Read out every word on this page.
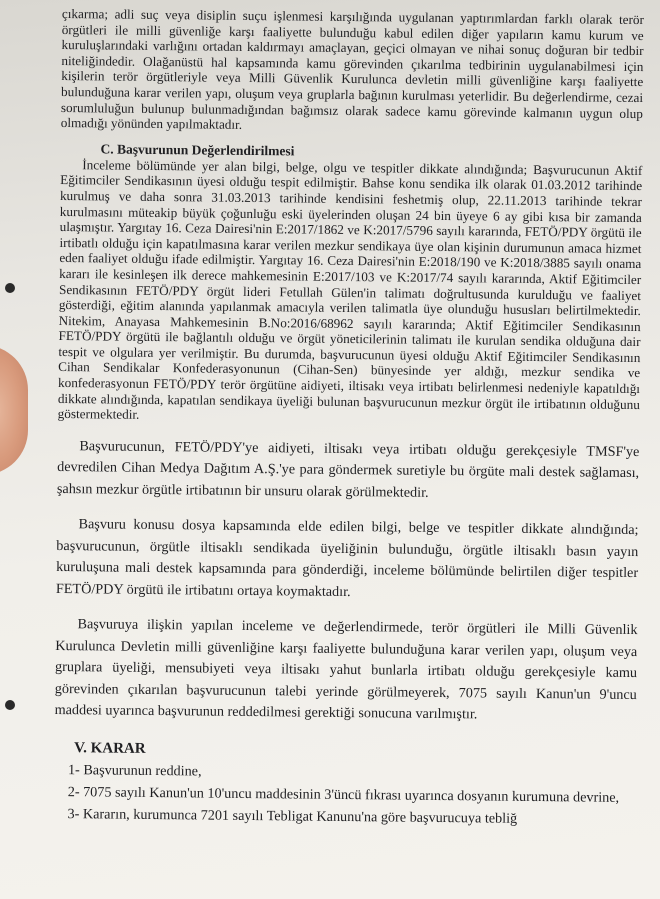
çıkarma; adli suç veya disiplin suçu işlenmesi karşılığında uygulanan yaptırımlardan farklı olarak terör örgütleri ile milli güvenliğe karşı faaliyette bulunduğu kabul edilen diğer yapıların kamu kurum ve kuruluşlarındaki varlığını ortadan kaldırmayı amaçlayan, geçici olmayan ve nihai sonuç doğuran bir tedbir niteliğindedir. Olağanüstü hal kapsamında kamu görevinden çıkarılma tedbirinin uygulanabilmesi için kişilerin terör örgütleriyle veya Milli Güvenlik Kurulunca devletin milli güvenliğine karşı faaliyette bulunduğuna karar verilen yapı, oluşum veya gruplarla bağının kurulması yeterlidir. Bu değerlendirme, cezai sorumluluğun bulunup bulunmadığından bağımsız olarak sadece kamu görevinde kalmanın uygun olup olmadığı yönünden yapılmaktadır.

C. Başvurunun Değerlendirilmesi

İnceleme bölümünde yer alan bilgi, belge, olgu ve tespitler dikkate alındığında; Başvurucunun Aktif Eğitimciler Sendikasının üyesi olduğu tespit edilmiştir. Bahse konu sendika ilk olarak 01.03.2012 tarihinde kurulmuş ve daha sonra 31.03.2013 tarihinde kendisini feshetmiş olup, 22.11.2013 tarihinde tekrar kurulmasını müteakip büyük çoğunluğu eski üyelerinden oluşan 24 bin üyeye 6 ay gibi kısa bir zamanda ulaşmıştır. Yargıtay 16. Ceza Dairesi'nin E:2017/1862 ve K:2017/5796 sayılı kararında, FETÖ/PDY örgütü ile irtibatlı olduğu için kapatılmasına karar verilen mezkur sendikaya üye olan kişinin durumunun amaca hizmet eden faaliyet olduğu ifade edilmiştir. Yargıtay 16. Ceza Dairesi'nin E:2018/190 ve K:2018/3885 sayılı onama kararı ile kesinleşen ilk derece mahkemesinin E:2017/103 ve K:2017/74 sayılı kararında, Aktif Eğitimciler Sendikasının FETÖ/PDY örgüt lideri Fetullah Gülen'in talimatı doğrultusunda kurulduğu ve faaliyet gösterdiği, eğitim alanında yapılanmak amacıyla verilen talimatla üye olunduğu hususları belirtilmektedir. Nitekim, Anayasa Mahkemesinin B.No:2016/68962 sayılı kararında; Aktif Eğitimciler Sendikasının FETÖ/PDY örgütü ile bağlantılı olduğu ve örgüt yöneticilerinin talimatı ile kurulan sendika olduğuna dair tespit ve olgulara yer verilmiştir. Bu durumda, başvurucunun üyesi olduğu Aktif Eğitimciler Sendikasının Cihan Sendikalar Konfederasyonunun (Cihan-Sen) bünyesinde yer aldığı, mezkur sendika ve konfederasyonun FETÖ/PDY terör örgütüne aidiyeti, iltisakı veya irtibatı belirlenmesi nedeniyle kapatıldığı dikkate alındığında, kapatılan sendikaya üyeliği bulunan başvurucunun mezkur örgüt ile irtibatının olduğunu göstermektedir.

Başvurucunun, FETÖ/PDY'ye aidiyeti, iltisakı veya irtibatı olduğu gerekçesiyle TMSF'ye devredilen Cihan Medya Dağıtım A.Ş.'ye para göndermek suretiyle bu örgüte mali destek sağlaması, şahsın mezkur örgütle irtibatının bir unsuru olarak görülmektedir.

Başvuru konusu dosya kapsamında elde edilen bilgi, belge ve tespitler dikkate alındığında; başvurucunun, örgütle iltisaklı sendikada üyeliğinin bulunduğu, örgütle iltisaklı basın yayın kuruluşuna mali destek kapsamında para gönderdiği, inceleme bölümünde belirtilen diğer tespitler FETÖ/PDY örgütü ile irtibatını ortaya koymaktadır.

Başvuruya ilişkin yapılan inceleme ve değerlendirmede, terör örgütleri ile Milli Güvenlik Kurulunca Devletin milli güvenliğine karşı faaliyette bulunduğuna karar verilen yapı, oluşum veya gruplara üyeliği, mensubiyeti veya iltisakı yahut bunlarla irtibatı olduğu gerekçesiyle kamu görevinden çıkarılan başvurucunun talebi yerinde görülmeyerek, 7075 sayılı Kanun'un 9'uncu maddesi uyarınca başvurunun reddedilmesi gerektiği sonucuna varılmıştır.

V. KARAR

1- Başvurunun reddine,

2- 7075 sayılı Kanun'un 10'uncu maddesinin 3'üncü fıkrası uyarınca dosyanın kurumuna devrine,

3- Kararın, kurumunca 7201 sayılı Tebligat Kanunu'na göre başvurucuya tebliğ
